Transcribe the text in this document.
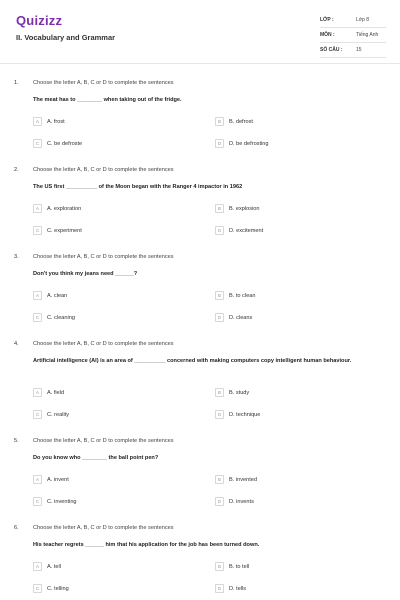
Quizizz
II. Vocabulary and Grammar
LỚP :	Lớp 8
MÔN :	Tiếng Anh
SỐ CÂU :	15
1.	Choose the letter A, B, C or D to complete the sentences
The meat has to ________ when taking out of the fridge.
A	A. frost	B	B. defrost
C	C. be defroste	D	D. be defrosting
2.	Choose the letter A, B, C or D to complete the sentences
The US first __________ of the Moon began with the Ranger 4 impactor in 1962
A	A. exploration	B	B. explosion
C	C. experiment	D	D. excitement
3.	Choose the letter A, B, C or D to complete the sentences
Don't you think my jeans need ______?
A	A. clean	B	B. to clean
C	C. cleaning	D	D. cleans
4.	Choose the letter A, B, C or D to complete the sentences
Artificial intelligence (AI) is an area of __________ concerned with making computers copy intelligent human behaviour.
A	A. field	B	B. study
C	C. reality	D	D. technique
5.	Choose the letter A, B, C or D to complete the sentences
Do you know who ________ the ball point pen?
A	A. invent	B	B. invented
C	C. inventing	D	D. invents
6.	Choose the letter A, B, C or D to complete the sentences
His teacher regrets ______ him that his application for the job has been turned down.
A	A. tell	B	B. to tell
C	C. telling	D	D. tells
